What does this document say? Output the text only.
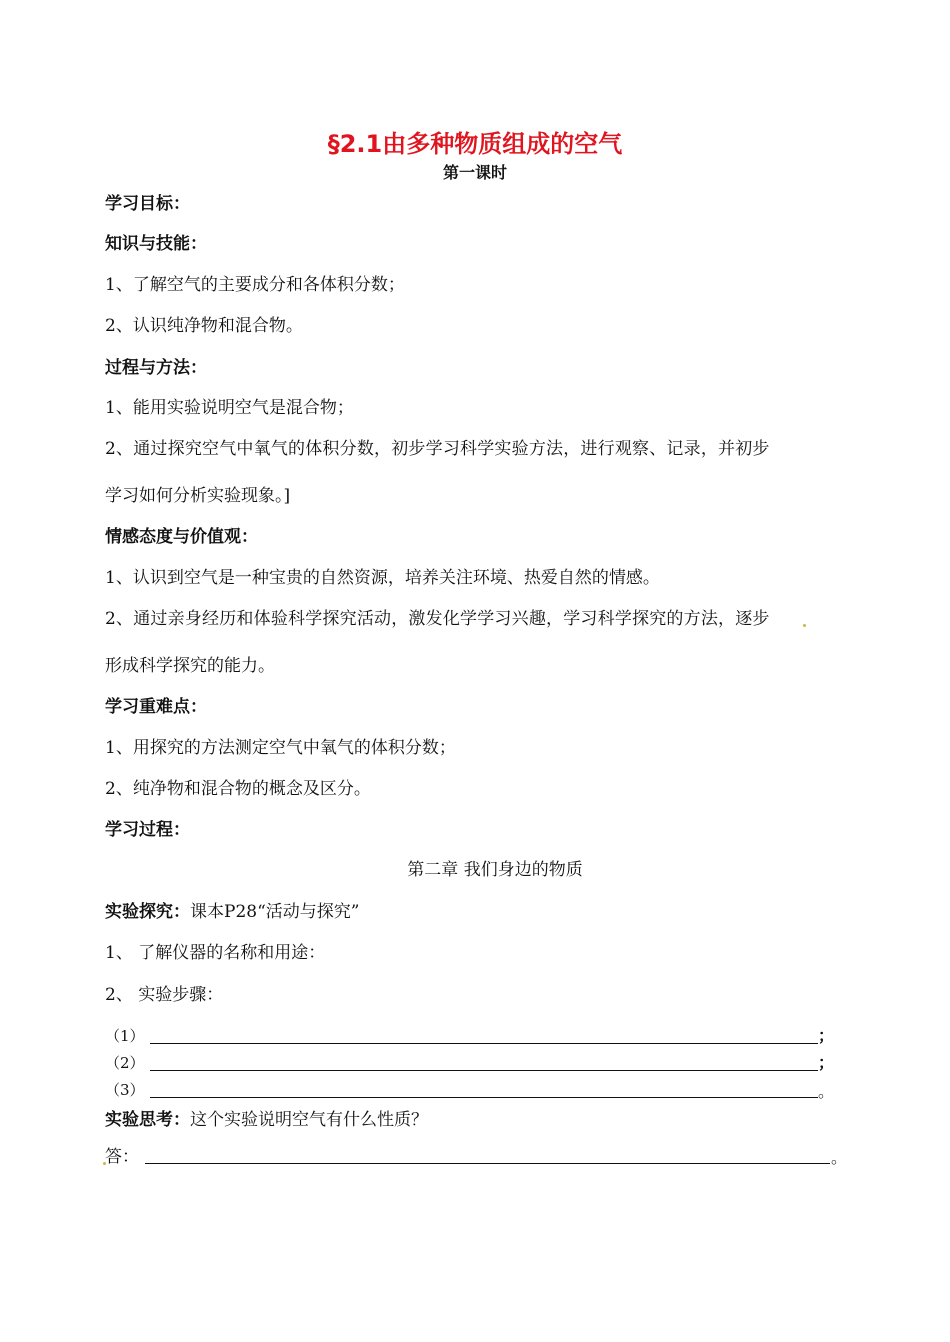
§2.1由多种物质组成的空气
第一课时
学习目标：
知识与技能：
1、了解空气的主要成分和各体积分数；
2、认识纯净物和混合物。
过程与方法：
1、能用实验说明空气是混合物；
2、通过探究空气中氧气的体积分数，初步学习科学实验方法，进行观察、记录，并初步
学习如何分析实验现象。]
情感态度与价值观：
1、认识到空气是一种宝贵的自然资源，培养关注环境、热爱自然的情感。
2、通过亲身经历和体验科学探究活动，激发化学学习兴趣，学习科学探究的方法，逐步
形成科学探究的能力。
学习重难点：
1、用探究的方法测定空气中氧气的体积分数；
2、纯净物和混合物的概念及区分。
学习过程：
第二章 我们身边的物质
实验探究：课本P28“活动与探究”
1、 了解仪器的名称和用途：
2、 实验步骤：
（1）	；
（2）	；
（3）	。
实验思考：这个实验说明空气有什么性质？
答：	。
